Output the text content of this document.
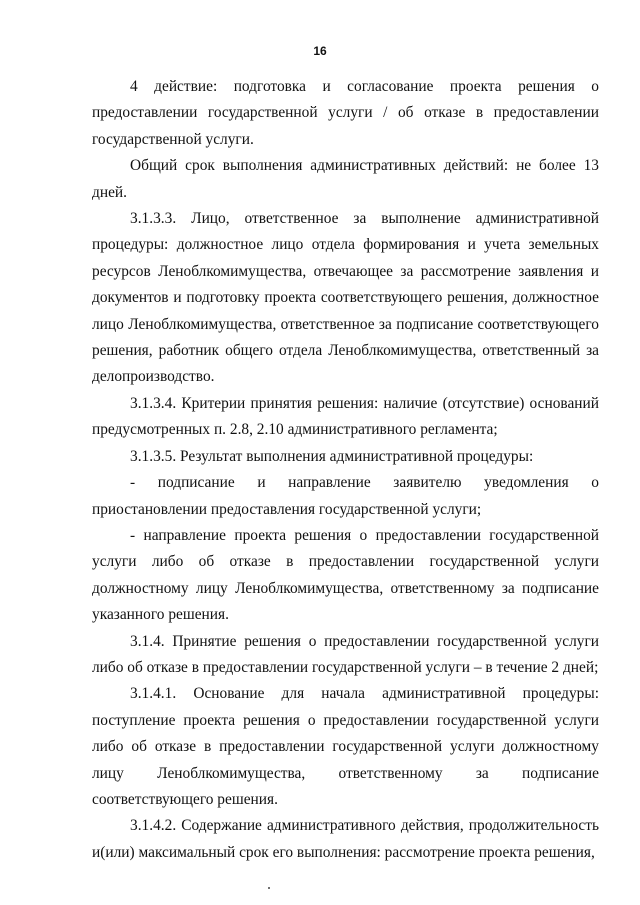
16

4 действие: подготовка и согласование проекта решения о предоставлении государственной услуги / об отказе в предоставлении государственной услуги.

Общий срок выполнения административных действий: не более 13 дней.

3.1.3.3. Лицо, ответственное за выполнение административной процедуры: должностное лицо отдела формирования и учета земельных ресурсов Леноблкомимущества, отвечающее за рассмотрение заявления и документов и подготовку проекта соответствующего решения, должностное лицо Леноблкомимущества, ответственное за подписание соответствующего решения, работник общего отдела Леноблкомимущества, ответственный за делопроизводство.

3.1.3.4. Критерии принятия решения: наличие (отсутствие) оснований предусмотренных п. 2.8, 2.10 административного регламента;

3.1.3.5. Результат выполнения административной процедуры:

- подписание и направление заявителю уведомления о приостановлении предоставления государственной услуги;

- направление проекта решения о предоставлении государственной услуги либо об отказе в предоставлении государственной услуги должностному лицу Леноблкомимущества, ответственному за подписание указанного решения.

3.1.4. Принятие решения о предоставлении государственной услуги либо об отказе в предоставлении государственной услуги – в течение 2 дней;

3.1.4.1. Основание для начала административной процедуры: поступление проекта решения о предоставлении государственной услуги либо об отказе в предоставлении государственной услуги должностному лицу Леноблкомимущества, ответственному за подписание соответствующего решения.

3.1.4.2. Содержание административного действия, продолжительность и(или) максимальный срок его выполнения: рассмотрение проекта решения,
